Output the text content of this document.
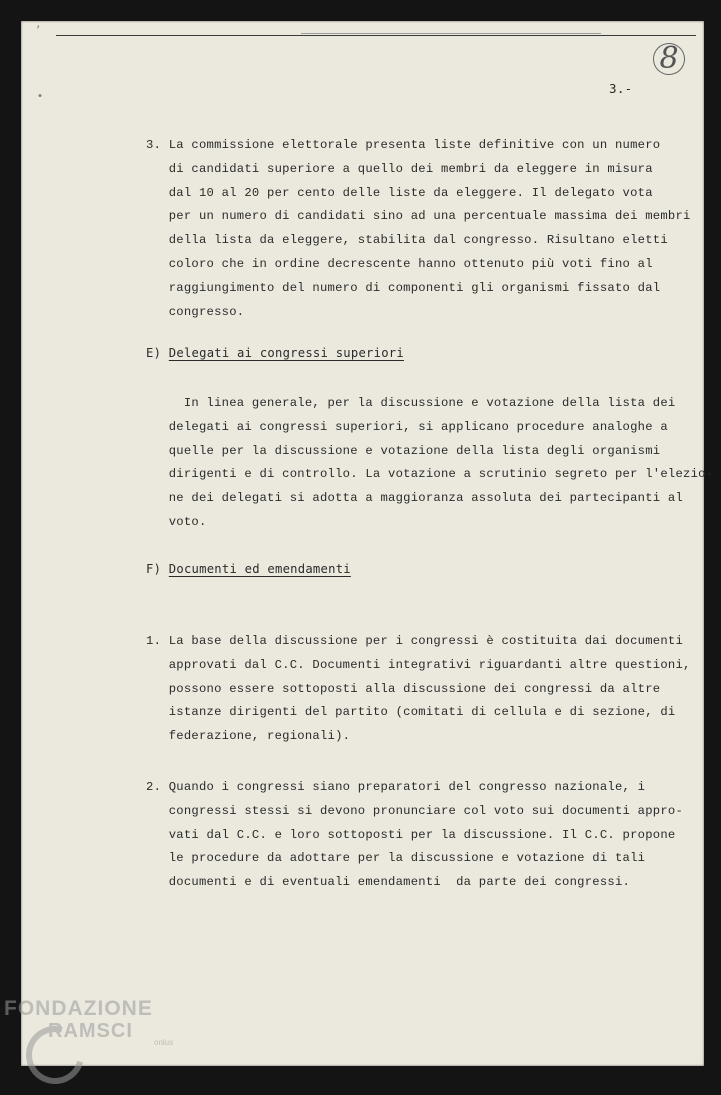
’
•
8
3.-
3. La commissione elettorale presenta liste definitive con un numero
di candidati superiore a quello dei membri da eleggere in misura
dal 10 al 20 per cento delle liste da eleggere. Il delegato vota
per un numero di candidati sino ad una percentuale massima dei membri
della lista da eleggere, stabilita dal congresso. Risultano eletti
coloro che in ordine decrescente hanno ottenuto più voti fino al
raggiungimento del numero di componenti gli organismi fissato dal
congresso.
E) Delegati ai congressi superiori
In linea generale, per la discussione e votazione della lista dei
delegati ai congressi superiori, si applicano procedure analoghe a
quelle per la discussione e votazione della lista degli organismi
dirigenti e di controllo. La votazione a scrutinio segreto per l'elezio-
ne dei delegati si adotta a maggioranza assoluta dei partecipanti al
voto.
F) Documenti ed emendamenti
1. La base della discussione per i congressi è costituita dai documenti
approvati dal C.C. Documenti integrativi riguardanti altre questioni,
possono essere sottoposti alla discussione dei congressi da altre
istanze dirigenti del partito (comitati di cellula e di sezione, di
federazione, regionali).
2. Quando i congressi siano preparatori del congresso nazionale, i
congressi stessi si devono pronunciare col voto sui documenti appro-
vati dal C.C. e loro sottoposti per la discussione. Il C.C. propone
le procedure da adottare per la discussione e votazione di tali
documenti e di eventuali emendamenti  da parte dei congressi.
FONDAZIONE
RAMSCI
onlus
